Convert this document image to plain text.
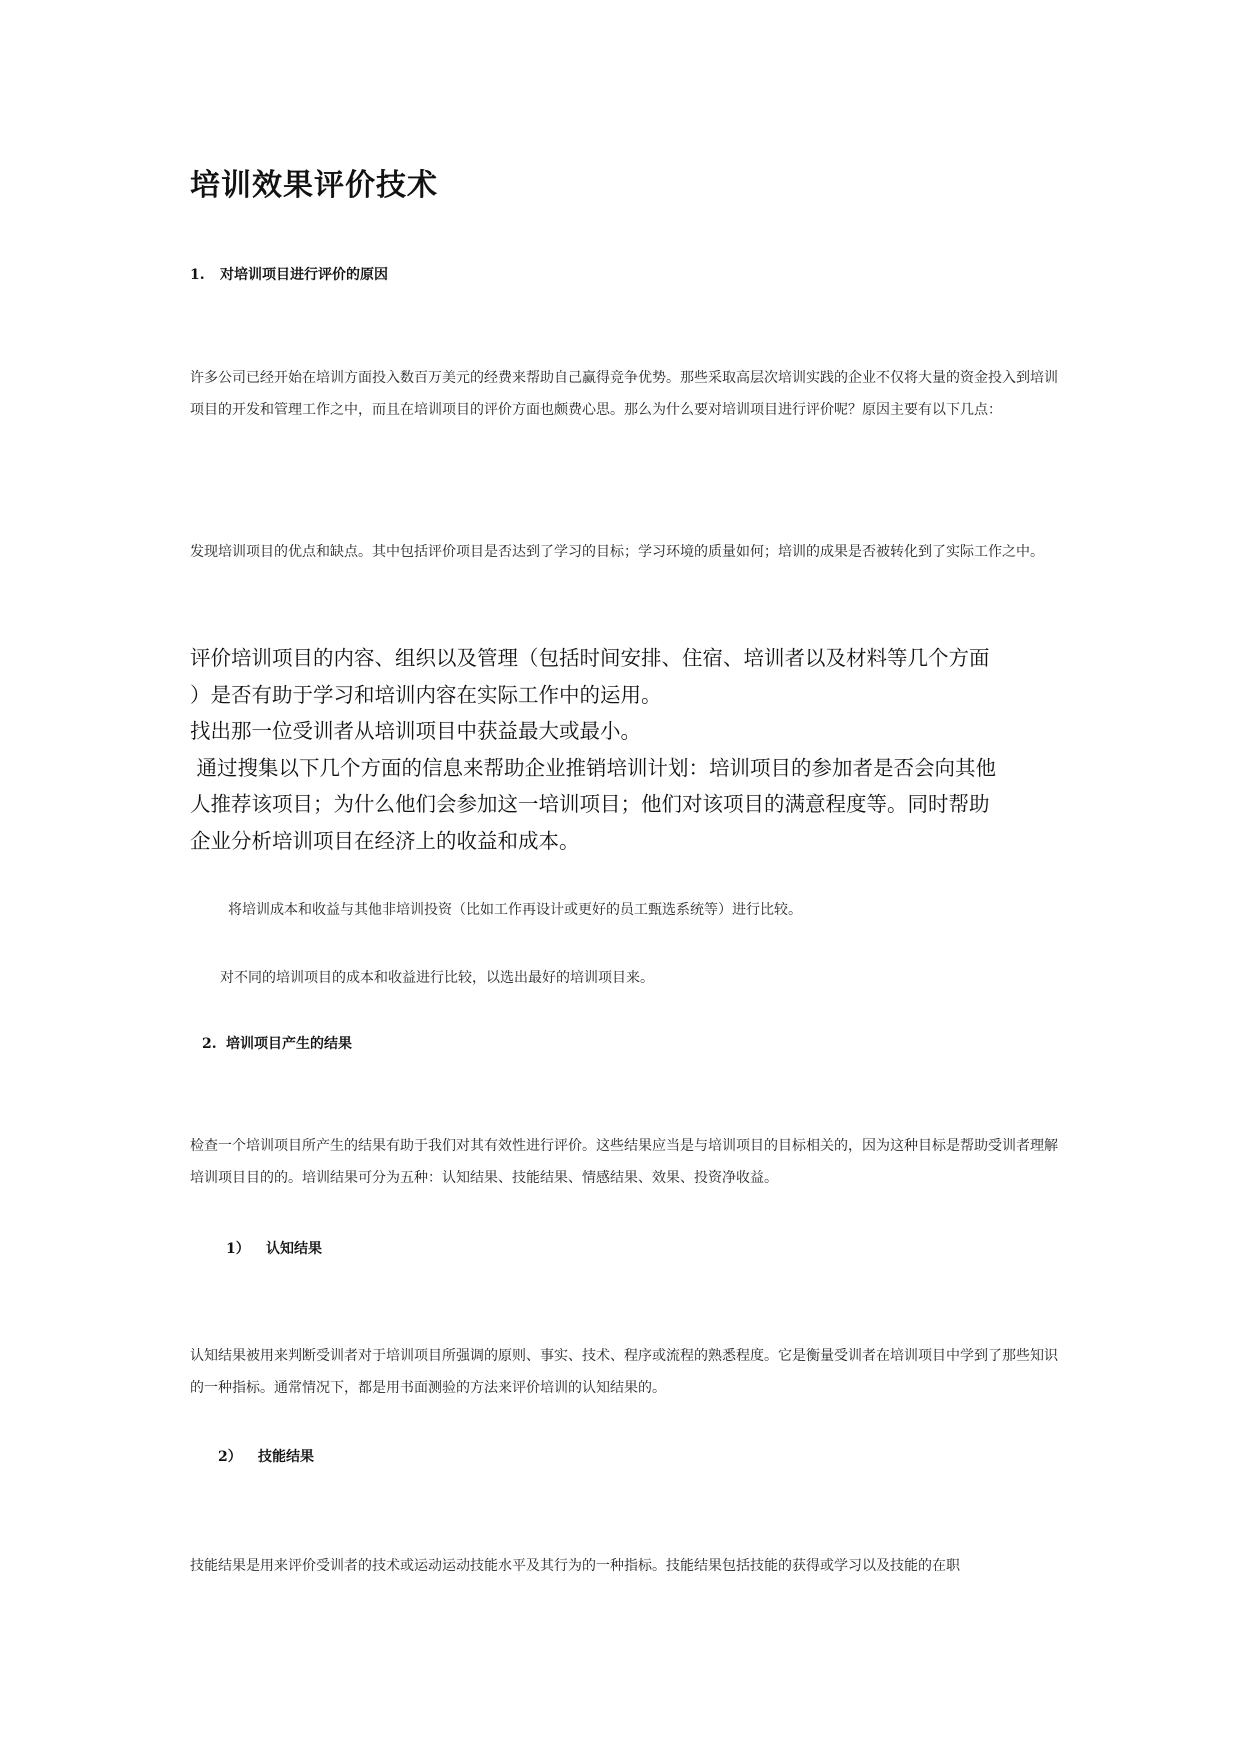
培训效果评价技术
1. 对培训项目进行评价的原因

许多公司已经开始在培训方面投入数百万美元的经费来帮助自己赢得竞争优势。那些采取高层次培训实践的企业不仅将大量的资金投入到培训项目的开发和管理工作之中，而且在培训项目的评价方面也颇费心思。那么为什么要对培训项目进行评价呢？原因主要有以下几点：

发现培训项目的优点和缺点。其中包括评价项目是否达到了学习的目标；学习环境的质量如何；培训的成果是否被转化到了实际工作之中。

评价培训项目的内容、组织以及管理（包括时间安排、住宿、培训者以及材料等几个方面
）是否有助于学习和培训内容在实际工作中的运用。
找出那一位受训者从培训项目中获益最大或最小。
通过搜集以下几个方面的信息来帮助企业推销培训计划：培训项目的参加者是否会向其他
人推荐该项目；为什么他们会参加这一培训项目；他们对该项目的满意程度等。同时帮助
企业分析培训项目在经济上的收益和成本。

将培训成本和收益与其他非培训投资（比如工作再设计或更好的员工甄选系统等）进行比较。

对不同的培训项目的成本和收益进行比较，以选出最好的培训项目来。

2. 培训项目产生的结果

检查一个培训项目所产生的结果有助于我们对其有效性进行评价。这些结果应当是与培训项目的目标相关的，因为这种目标是帮助受训者理解培训项目目的的。培训结果可分为五种：认知结果、技能结果、情感结果、效果、投资净收益。

1） 认知结果

认知结果被用来判断受训者对于培训项目所强调的原则、事实、技术、程序或流程的熟悉程度。它是衡量受训者在培训项目中学到了那些知识的一种指标。通常情况下，都是用书面测验的方法来评价培训的认知结果的。

2） 技能结果

技能结果是用来评价受训者的技术或运动运动技能水平及其行为的一种指标。技能结果包括技能的获得或学习以及技能的在职
